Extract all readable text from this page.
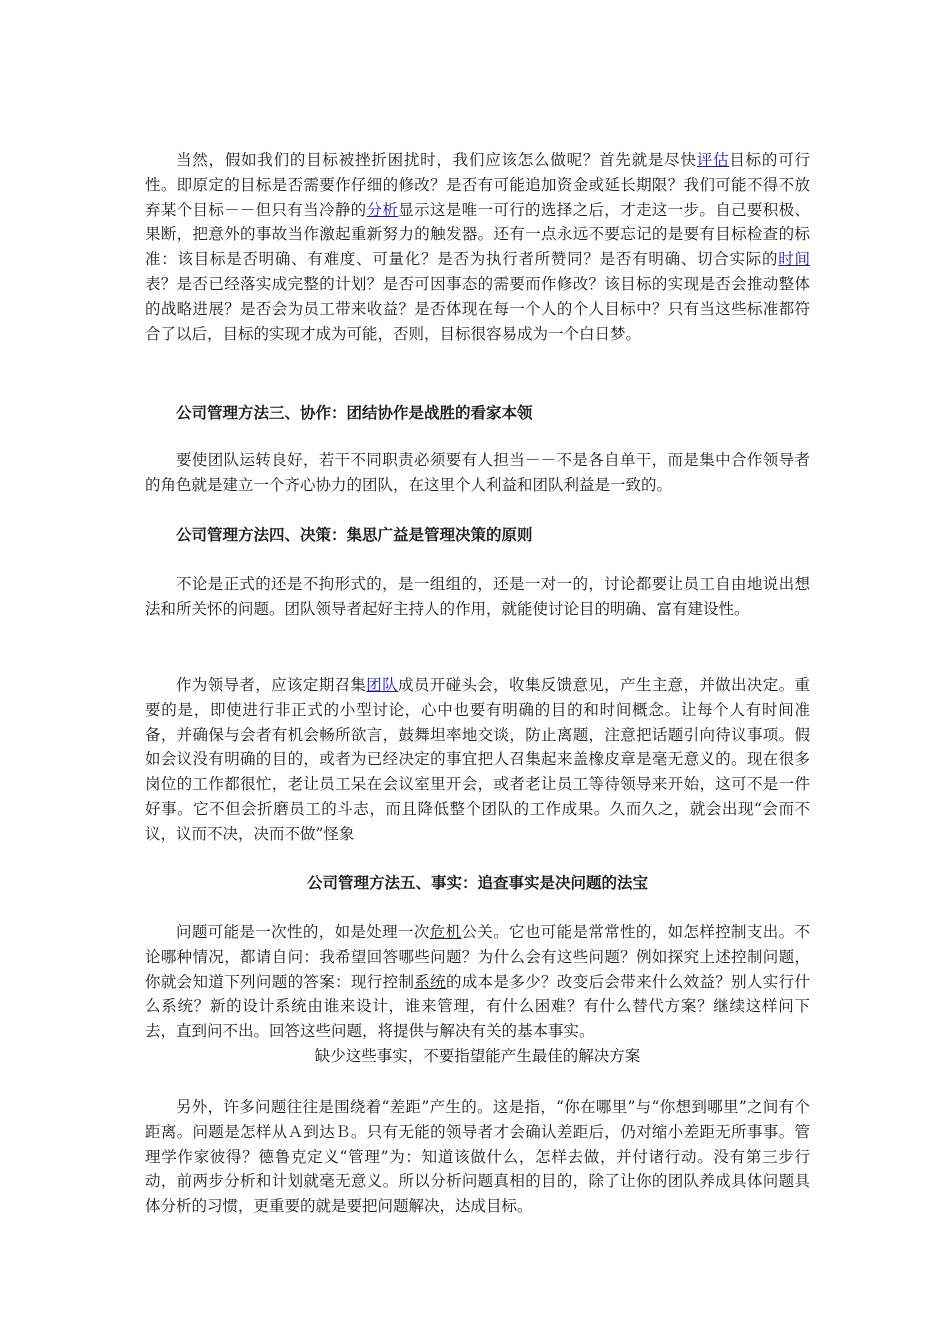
当然，假如我们的目标被挫折困扰时，我们应该怎么做呢？首先就是尽快评估目标的可行性。即原定的目标是否需要作仔细的修改？是否有可能追加资金或延长期限？我们可能不得不放弃某个目标－－但只有当冷静的分析显示这是唯一可行的选择之后，才走这一步。自己要积极、果断，把意外的事故当作激起重新努力的触发器。还有一点永远不要忘记的是要有目标检查的标准：该目标是否明确、有难度、可量化？是否为执行者所赞同？是否有明确、切合实际的时间表？是否已经落实成完整的计划？是否可因事态的需要而作修改？该目标的实现是否会推动整体的战略进展？是否会为员工带来收益？是否体现在每一个人的个人目标中？只有当这些标准都符合了以后，目标的实现才成为可能，否则，目标很容易成为一个白日梦。

公司管理方法三、协作：团结协作是战胜的看家本领

要使团队运转良好，若干不同职责必须要有人担当－－不是各自单干，而是集中合作领导者的角色就是建立一个齐心协力的团队，在这里个人利益和团队利益是一致的。

公司管理方法四、决策：集思广益是管理决策的原则

不论是正式的还是不拘形式的，是一组组的，还是一对一的，讨论都要让员工自由地说出想法和所关怀的问题。团队领导者起好主持人的作用，就能使讨论目的明确、富有建设性。

作为领导者，应该定期召集团队成员开碰头会，收集反馈意见，产生主意，并做出决定。重要的是，即使进行非正式的小型讨论，心中也要有明确的目的和时间概念。让每个人有时间准备，并确保与会者有机会畅所欲言，鼓舞坦率地交谈，防止离题，注意把话题引向待议事项。假如会议没有明确的目的，或者为已经决定的事宜把人召集起来盖橡皮章是毫无意义的。现在很多岗位的工作都很忙，老让员工呆在会议室里开会，或者老让员工等待领导来开始，这可不是一件好事。它不但会折磨员工的斗志，而且降低整个团队的工作成果。久而久之，就会出现“会而不议，议而不决，决而不做”怪象

公司管理方法五、事实：追查事实是决问题的法宝

问题可能是一次性的，如是处理一次危机公关。它也可能是常常性的，如怎样控制支出。不论哪种情况，都请自问：我希望回答哪些问题？为什么会有这些问题？例如探究上述控制问题，你就会知道下列问题的答案：现行控制系统的成本是多少？改变后会带来什么效益？别人实行什么系统？新的设计系统由谁来设计，谁来管理，有什么困难？有什么替代方案？继续这样问下去，直到问不出。回答这些问题，将提供与解决有关的基本事实。
缺少这些事实，不要指望能产生最佳的解决方案

另外，许多问题往往是围绕着“差距”产生的。这是指，“你在哪里”与“你想到哪里”之间有个距离。问题是怎样从Ａ到达Ｂ。只有无能的领导者才会确认差距后，仍对缩小差距无所事事。管理学作家彼得？德鲁克定义“管理”为：知道该做什么，怎样去做，并付诸行动。没有第三步行动，前两步分析和计划就毫无意义。所以分析问题真相的目的，除了让你的团队养成具体问题具体分析的习惯，更重要的就是要把问题解决，达成目标。
